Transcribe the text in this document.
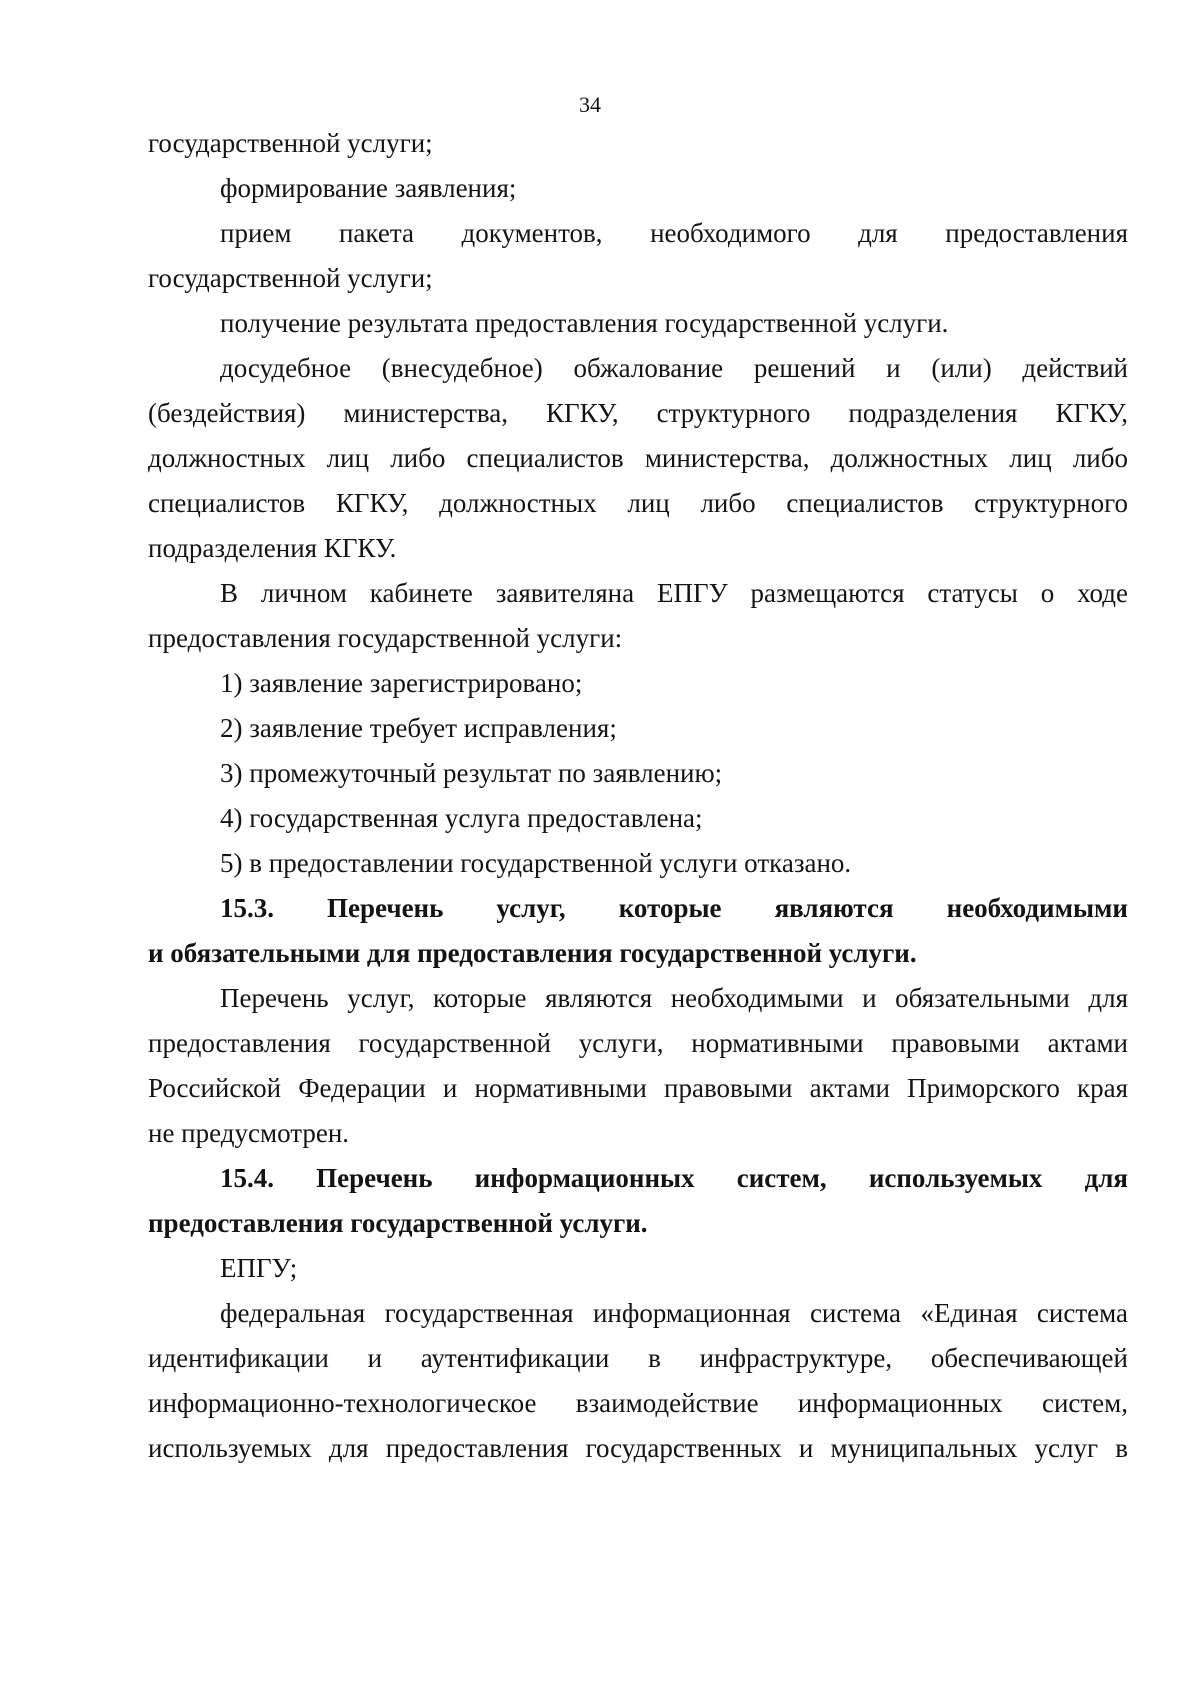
34
государственной услуги;
формирование заявления;
прием пакета документов, необходимого для предоставления
государственной услуги;
получение результата предоставления государственной услуги.
досудебное (внесудебное) обжалование решений и (или) действий
(бездействия) министерства, КГКУ, структурного подразделения КГКУ,
должностных лиц либо специалистов министерства, должностных лиц либо
специалистов КГКУ, должностных лиц либо специалистов структурного
подразделения КГКУ.
В личном кабинете заявителяна ЕПГУ размещаются статусы о ходе
предоставления государственной услуги:
1) заявление зарегистрировано;
2) заявление требует исправления;
3) промежуточный результат по заявлению;
4) государственная услуга предоставлена;
5) в предоставлении государственной услуги отказано.
15.3. Перечень услуг, которые являются необходимыми
и обязательными для предоставления государственной услуги.
Перечень услуг, которые являются необходимыми и обязательными для
предоставления государственной услуги, нормативными правовыми актами
Российской Федерации и нормативными правовыми актами Приморского края
не предусмотрен.
15.4. Перечень информационных систем, используемых для
предоставления государственной услуги.
ЕПГУ;
федеральная государственная информационная система «Единая система
идентификации и аутентификации в инфраструктуре, обеспечивающей
информационно-технологическое взаимодействие информационных систем,
используемых для предоставления государственных и муниципальных услуг в
